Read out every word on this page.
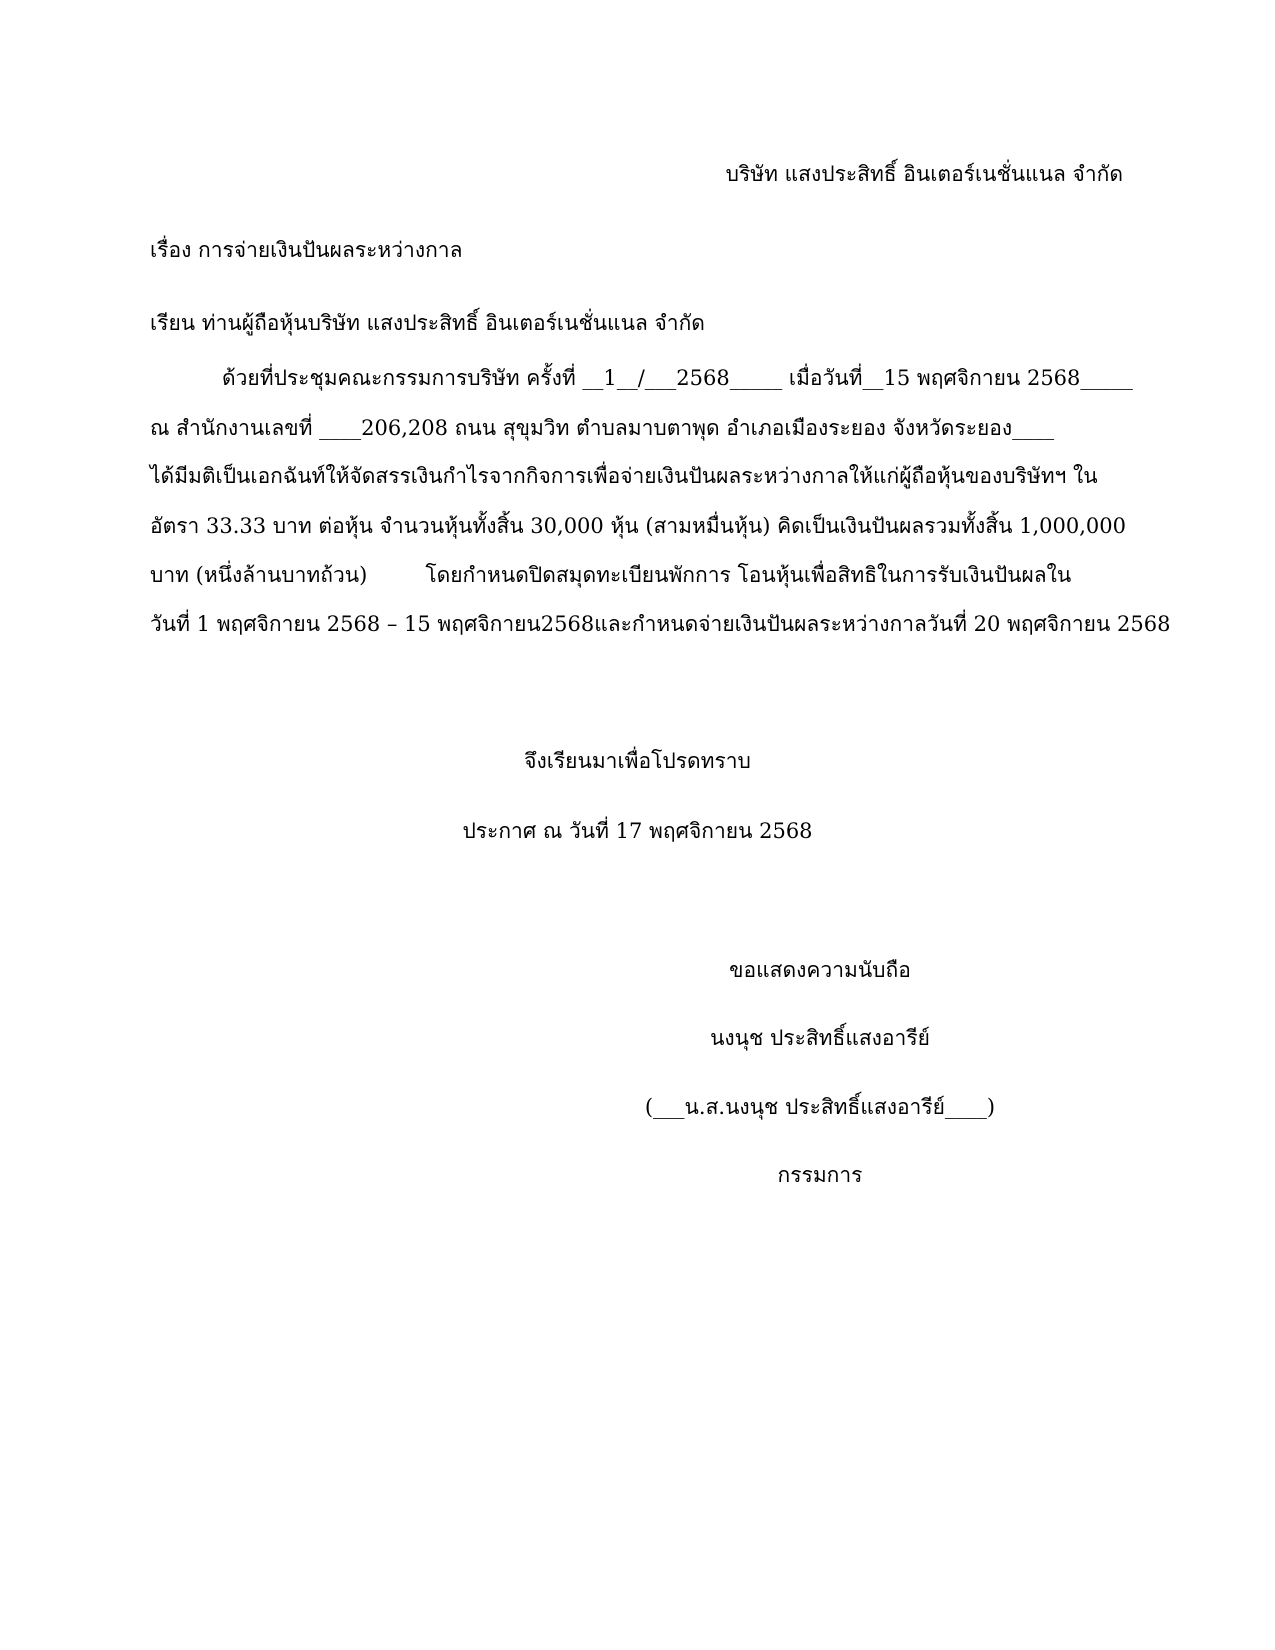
บริษัท แสงประสิทธิ์ อินเตอร์เนชั่นแนล จำกัด
เรื่อง การจ่ายเงินปันผลระหว่างกาล
เรียน ท่านผู้ถือหุ้นบริษัท แสงประสิทธิ์ อินเตอร์เนชั่นแนล จำกัด
ด้วยที่ประชุมคณะกรรมการบริษัท ครั้งที่ __1__/___2568_____ เมื่อวันที่__15 พฤศจิกายน 2568_____
ณ สำนักงานเลขที่ ____206,208 ถนน สุขุมวิท ตำบลมาบตาพุด อำเภอเมืองระยอง จังหวัดระยอง____
ได้มีมติเป็นเอกฉันท์ให้จัดสรรเงินกำไรจากกิจการเพื่อจ่ายเงินปันผลระหว่างกาลให้แก่ผู้ถือหุ้นของบริษัทฯ ใน
อัตรา 33.33 บาท ต่อหุ้น จำนวนหุ้นทั้งสิ้น 30,000 หุ้น (สามหมื่นหุ้น) คิดเป็นเงินปันผลรวมทั้งสิ้น 1,000,000
บาท (หนึ่งล้านบาทถ้วน)	โดยกำหนดปิดสมุดทะเบียนพักการ โอนหุ้นเพื่อสิทธิในการรับเงินปันผลใน
วันที่ 1 พฤศจิกายน 2568 – 15 พฤศจิกายน2568และกำหนดจ่ายเงินปันผลระหว่างกาลวันที่ 20 พฤศจิกายน 2568
จึงเรียนมาเพื่อโปรดทราบ
ประกาศ ณ วันที่ 17 พฤศจิกายน 2568
ขอแสดงความนับถือ
นงนุช ประสิทธิ์แสงอารีย์
(___น.ส.นงนุช ประสิทธิ์แสงอารีย์____)
กรรมการ
